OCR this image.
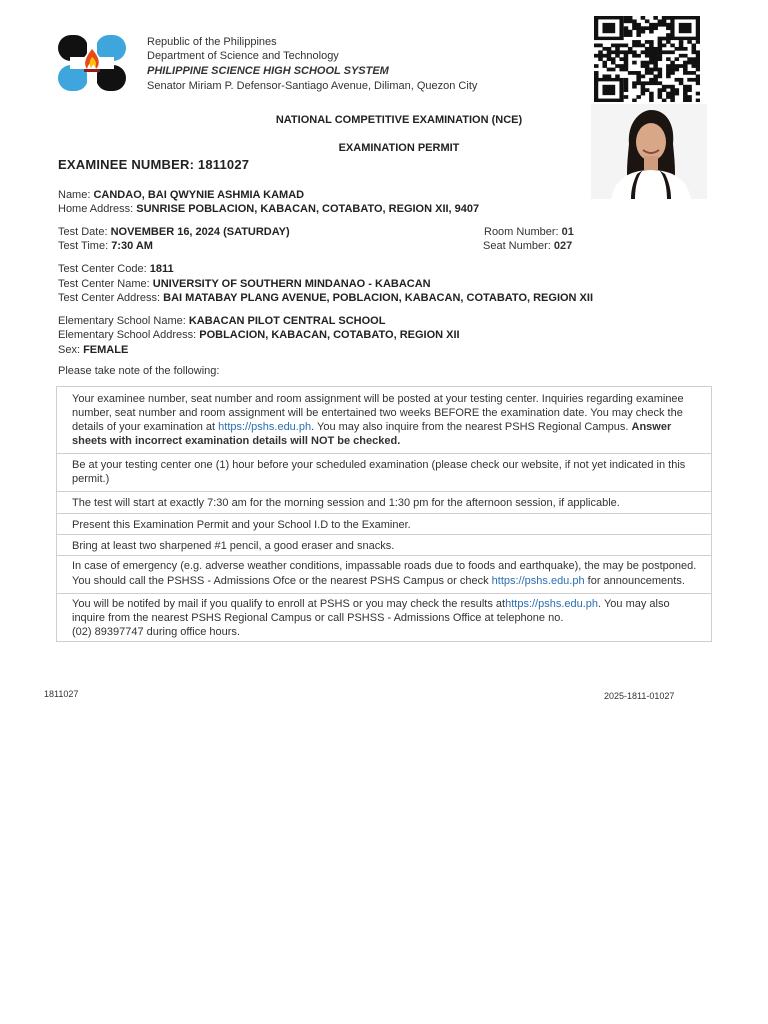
Republic of the Philippines
Department of Science and Technology
PHILIPPINE SCIENCE HIGH SCHOOL SYSTEM
Senator Miriam P. Defensor-Santiago Avenue, Diliman, Quezon City
NATIONAL COMPETITIVE EXAMINATION (NCE)
EXAMINATION PERMIT
EXAMINEE NUMBER: 1811027
Name: CANDAO, BAI QWYNIE ASHMIA KAMAD
Home Address: SUNRISE POBLACION, KABACAN, COTABATO, REGION XII, 9407
Test Date: NOVEMBER 16, 2024 (SATURDAY)
Test Time: 7:30 AM
Room Number: 01
Seat Number: 027
Test Center Code: 1811
Test Center Name: UNIVERSITY OF SOUTHERN MINDANAO - KABACAN
Test Center Address: BAI MATABAY PLANG AVENUE, POBLACION, KABACAN, COTABATO, REGION XII
Elementary School Name: KABACAN PILOT CENTRAL SCHOOL
Elementary School Address: POBLACION, KABACAN, COTABATO, REGION XII
Sex: FEMALE
Please take note of the following:
Your examinee number, seat number and room assignment will be posted at your testing center. Inquiries regarding examinee number, seat number and room assignment will be entertained two weeks BEFORE the examination date. You may check the details of your examination at https://pshs.edu.ph. You may also inquire from the nearest PSHS Regional Campus. Answer sheets with incorrect examination details will NOT be checked.
Be at your testing center one (1) hour before your scheduled examination (please check our website, if not yet indicated in this permit.)
The test will start at exactly 7:30 am for the morning session and 1:30 pm for the afternoon session, if applicable.
Present this Examination Permit and your School I.D to the Examiner.
Bring at least two sharpened #1 pencil, a good eraser and snacks.
In case of emergency (e.g. adverse weather conditions, impassable roads due to foods and earthquake), the may be postponed. You should call the PSHSS - Admissions Ofce or the nearest PSHS Campus or check https://pshs.edu.ph for announcements.
You will be notifed by mail if you qualify to enroll at PSHS or you may check the results athttps://pshs.edu.ph. You may also inquire from the nearest PSHS Regional Campus or call PSHSS - Admissions Office at telephone no.
(02) 89397747 during office hours.
1811027	2025-1811-01027
